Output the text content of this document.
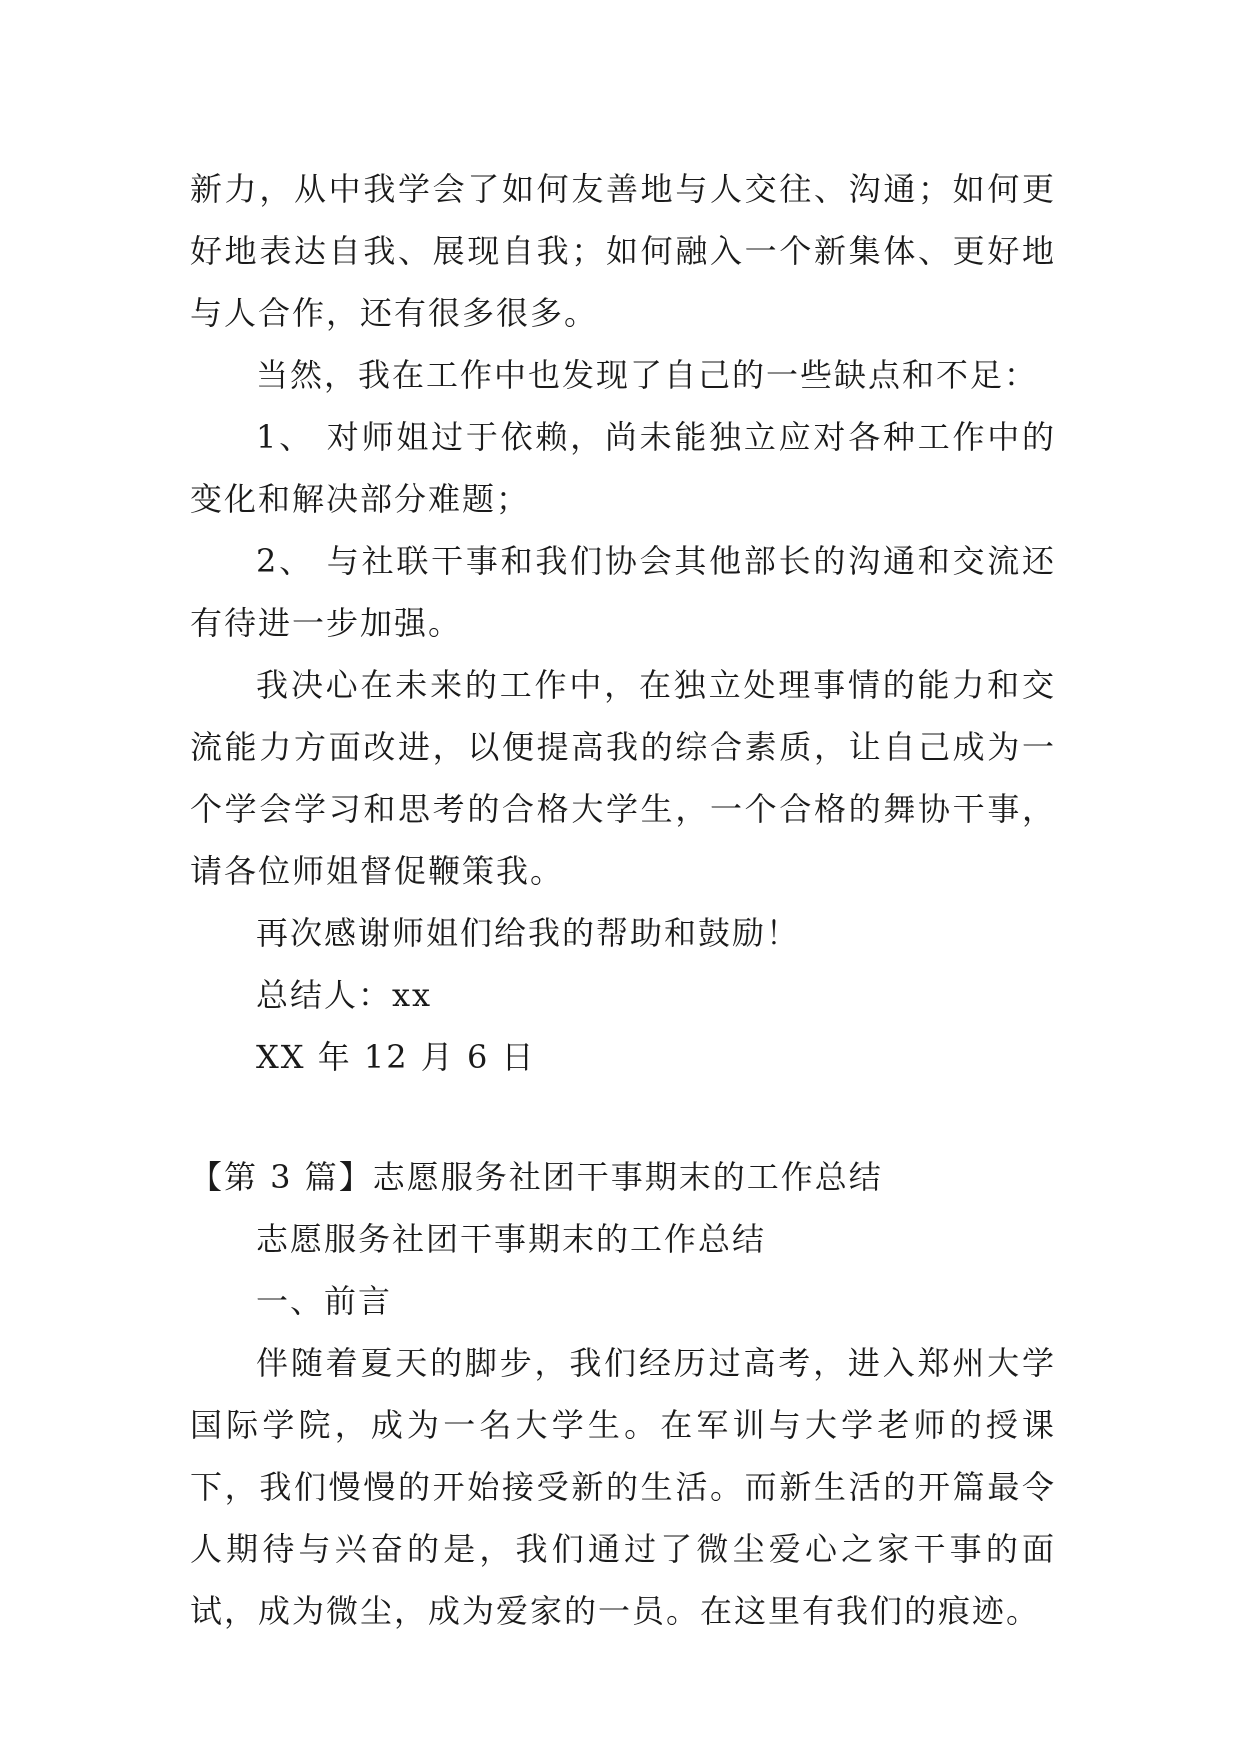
新力，从中我学会了如何友善地与人交往、沟通；如何更好地表达自我、展现自我；如何融入一个新集体、更好地与人合作，还有很多很多。

当然，我在工作中也发现了自己的一些缺点和不足：

1、 对师姐过于依赖，尚未能独立应对各种工作中的变化和解决部分难题；

2、 与社联干事和我们协会其他部长的沟通和交流还有待进一步加强。

我决心在未来的工作中，在独立处理事情的能力和交流能力方面改进，以便提高我的综合素质，让自己成为一个学会学习和思考的合格大学生，一个合格的舞协干事，请各位师姐督促鞭策我。

再次感谢师姐们给我的帮助和鼓励！

总结人：xx

XX 年 12 月 6 日

【第 3 篇】志愿服务社团干事期末的工作总结

志愿服务社团干事期末的工作总结

一、前言

伴随着夏天的脚步，我们经历过高考，进入郑州大学国际学院，成为一名大学生。在军训与大学老师的授课下，我们慢慢的开始接受新的生活。而新生活的开篇最令人期待与兴奋的是，我们通过了微尘爱心之家干事的面试，成为微尘，成为爱家的一员。在这里有我们的痕迹。
